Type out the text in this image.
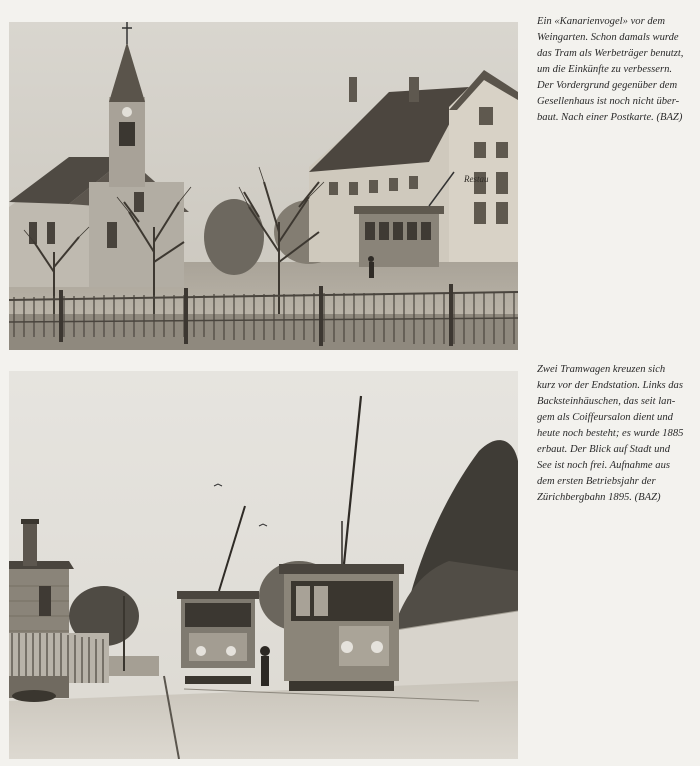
Restau

Ein «Kanarienvogel» vor dem
Weingarten. Schon damals wurde
das Tram als Werbeträger benutzt,
um die Einkünfte zu verbessern.
Der Vordergrund gegenüber dem
Gesellenhaus ist noch nicht über-
baut. Nach einer Postkarte. (BAZ)

Zwei Tramwagen kreuzen sich
kurz vor der Endstation. Links das
Backsteinhäuschen, das seit lan-
gem als Coiffeursalon dient und
heute noch besteht; es wurde 1885
erbaut. Der Blick auf Stadt und
See ist noch frei. Aufnahme aus
dem ersten Betriebsjahr der
Zürichbergbahn 1895. (BAZ)
